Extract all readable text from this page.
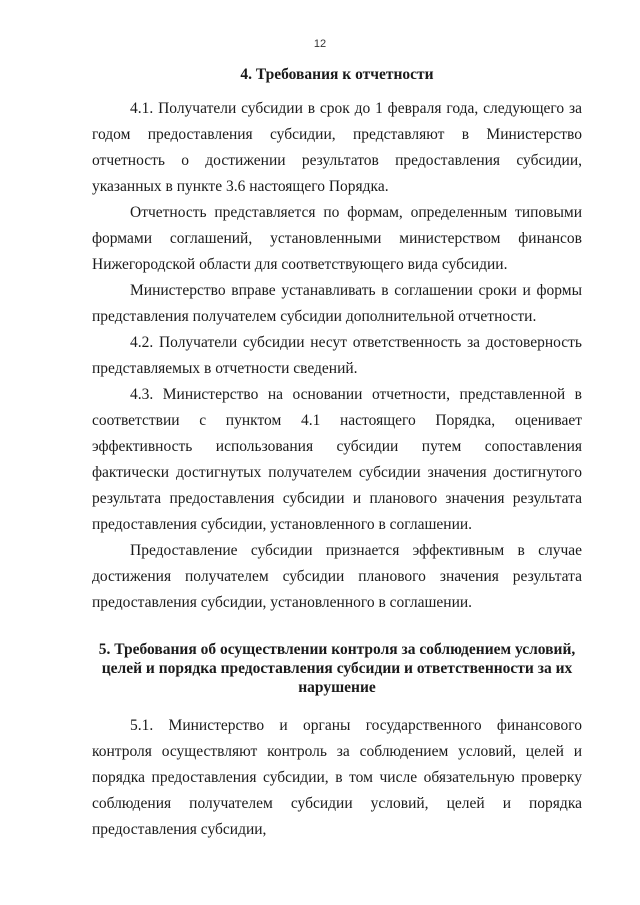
12
4. Требования к отчетности

4.1. Получатели субсидии в срок до 1 февраля года, следующего за годом предоставления субсидии, представляют в Министерство отчетность о достижении результатов предоставления субсидии, указанных в пункте 3.6 настоящего Порядка.

Отчетность представляется по формам, определенным типовыми формами соглашений, установленными министерством финансов Нижегородской области для соответствующего вида субсидии.

Министерство вправе устанавливать в соглашении сроки и формы представления получателем субсидии дополнительной отчетности.

4.2. Получатели субсидии несут ответственность за достоверность представляемых в отчетности сведений.

4.3. Министерство на основании отчетности, представленной в соответствии с пунктом 4.1 настоящего Порядка, оценивает эффективность использования субсидии путем сопоставления фактически достигнутых получателем субсидии значения достигнутого результата предоставления субсидии и планового значения результата предоставления субсидии, установленного в соглашении.

Предоставление субсидии признается эффективным в случае достижения получателем субсидии планового значения результата предоставления субсидии, установленного в соглашении.

5. Требования об осуществлении контроля за соблюдением условий, целей и порядка предоставления субсидии и ответственности за их нарушение

5.1. Министерство и органы государственного финансового контроля осуществляют контроль за соблюдением условий, целей и порядка предоставления субсидии, в том числе обязательную проверку соблюдения получателем субсидии условий, целей и порядка предоставления субсидии,
